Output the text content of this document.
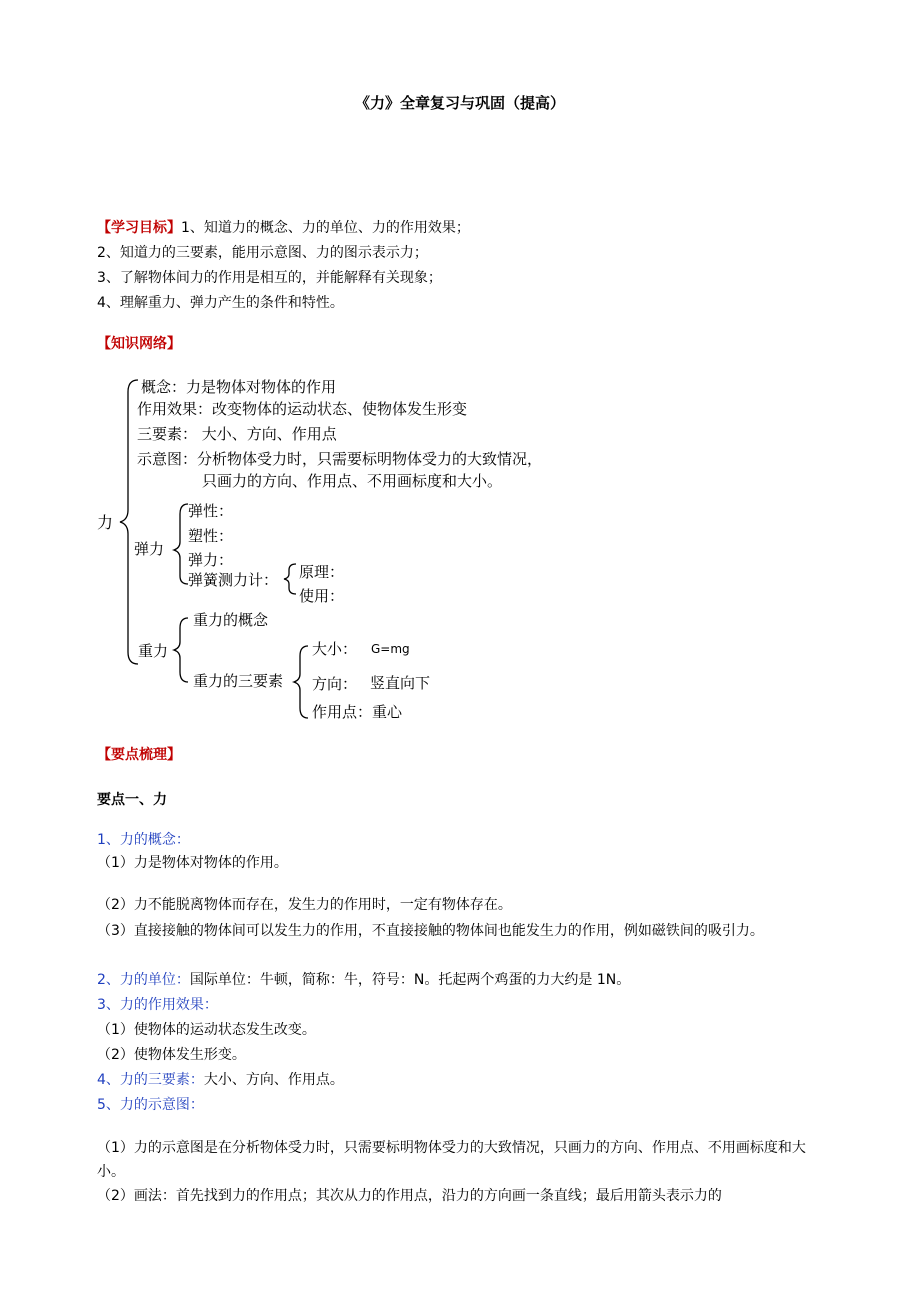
《力》全章复习与巩固（提高）
【学习目标】1、知道力的概念、力的单位、力的作用效果；
2、知道力的三要素，能用示意图、力的图示表示力；
3、了解物体间力的作用是相互的，并能解释有关现象；
4、理解重力、弹力产生的条件和特性。
【知识网络】
概念：力是物体对物体的作用
作用效果：改变物体的运动状态、使物体发生形变
三要素： 大小、方向、作用点
示意图：分析物体受力时，只需要标明物体受力的大致情况，
只画力的方向、作用点、不用画标度和大小。
力
弹力
弹性：
塑性：
弹力：
弹簧测力计： 原理：
使用：
重力
重力的概念
重力的三要素
大小： G=mg
方向： 竖直向下
作用点：重心
【要点梳理】
要点一、力
1、力的概念：
（1）力是物体对物体的作用。
（2）力不能脱离物体而存在，发生力的作用时，一定有物体存在。
（3）直接接触的物体间可以发生力的作用，不直接接触的物体间也能发生力的作用，例如磁铁间的吸引力。
2、力的单位：国际单位：牛顿，简称：牛，符号：N。托起两个鸡蛋的力大约是 1N。
3、力的作用效果：
（1）使物体的运动状态发生改变。
（2）使物体发生形变。
4、力的三要素：大小、方向、作用点。
5、力的示意图：
（1）力的示意图是在分析物体受力时，只需要标明物体受力的大致情况，只画力的方向、作用点、不用画标度和大小。
（2）画法：首先找到力的作用点；其次从力的作用点，沿力的方向画一条直线；最后用箭头表示力的
